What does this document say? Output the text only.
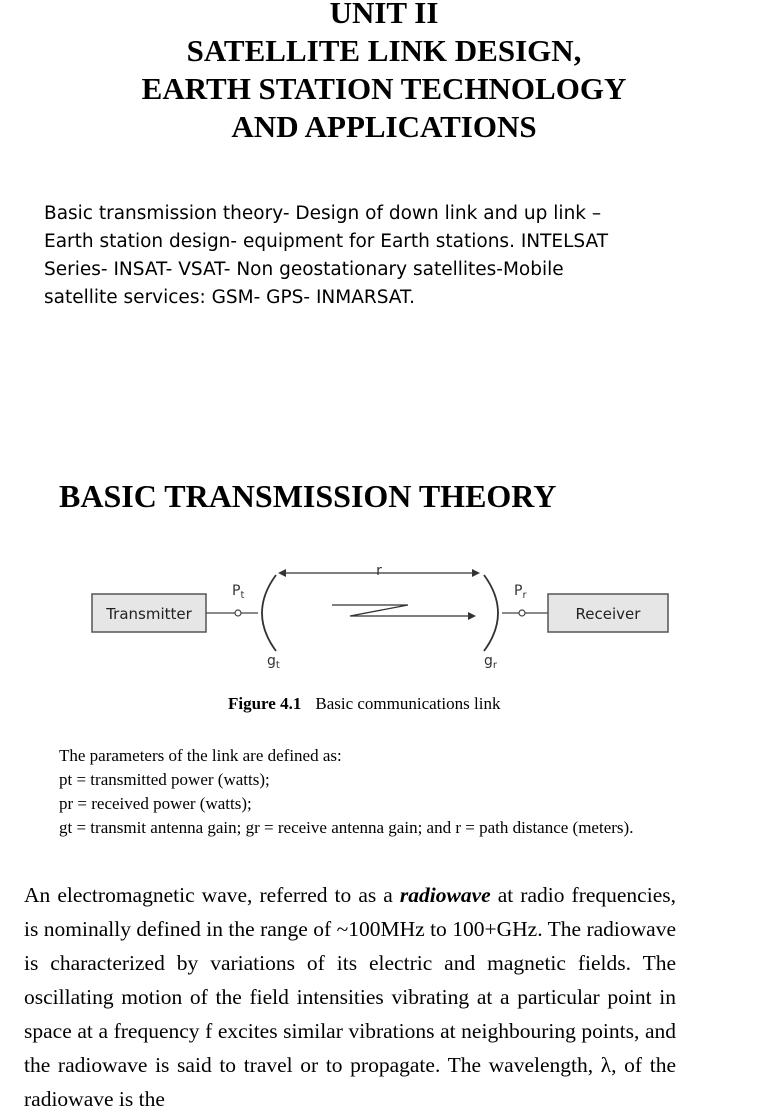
UNIT II
SATELLITE LINK DESIGN,
EARTH STATION TECHNOLOGY
AND APPLICATIONS
Basic transmission theory- Design of down link and up link –
Earth station design- equipment for Earth stations. INTELSAT
Series- INSAT- VSAT- Non geostationary satellites-Mobile
satellite services: GSM- GPS- INMARSAT.
BASIC TRANSMISSION THEORY
Transmitter
$P_t$
$g_t$
r
$P_r$
$g_r$
Receiver
Figure 4.1 Basic communications link
The parameters of the link are defined as:
pt = transmitted power (watts);
pr = received power (watts);
gt = transmit antenna gain; gr = receive antenna gain; and r = path distance (meters).
An electromagnetic wave, referred to as a radiowave at radio frequencies, is nominally defined in the range of ~100MHz to 100+GHz. The radiowave is characterized by variations of its electric and magnetic fields. The oscillating motion of the field intensities vibrating at a particular point in space at a frequency f excites similar vibrations at neighbouring points, and the radiowave is said to travel or to propagate. The wavelength, λ, of the radiowave is the
